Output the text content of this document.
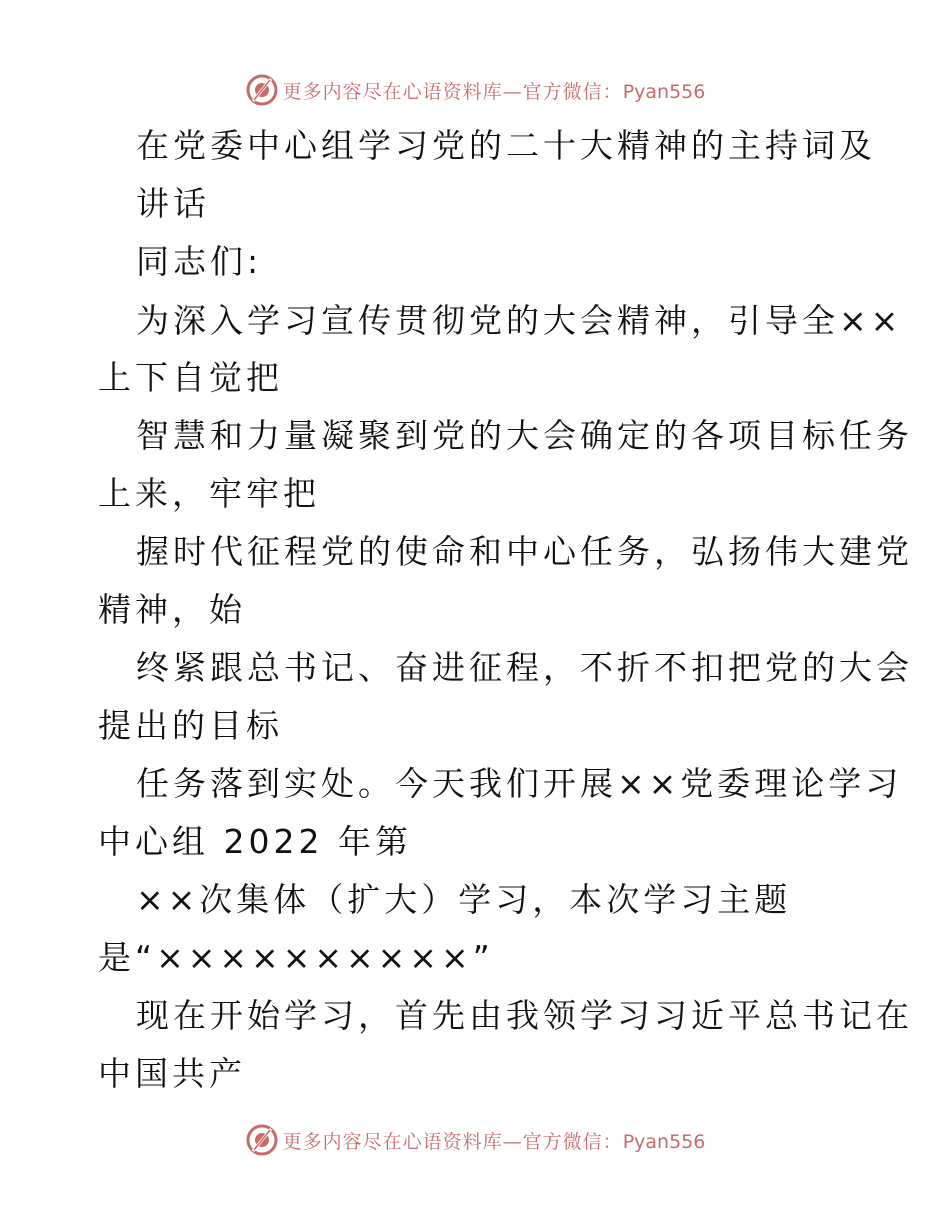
更多内容尽在心语资料库—官方微信：Pyan556
在党委中心组学习党的二十大精神的主持词及
讲话
同志们:
为深入学习宣传贯彻党的大会精神，引导全××
上下自觉把
智慧和力量凝聚到党的大会确定的各项目标任务
上来，牢牢把
握时代征程党的使命和中心任务，弘扬伟大建党
精神，始
终紧跟总书记、奋进征程，不折不扣把党的大会
提出的目标
任务落到实处。今天我们开展××党委理论学习
中心组 2022 年第
××次集体（扩大）学习，本次学习主题
是“××××××××××”
现在开始学习，首先由我领学习习近平总书记在
中国共产
更多内容尽在心语资料库—官方微信：Pyan556
